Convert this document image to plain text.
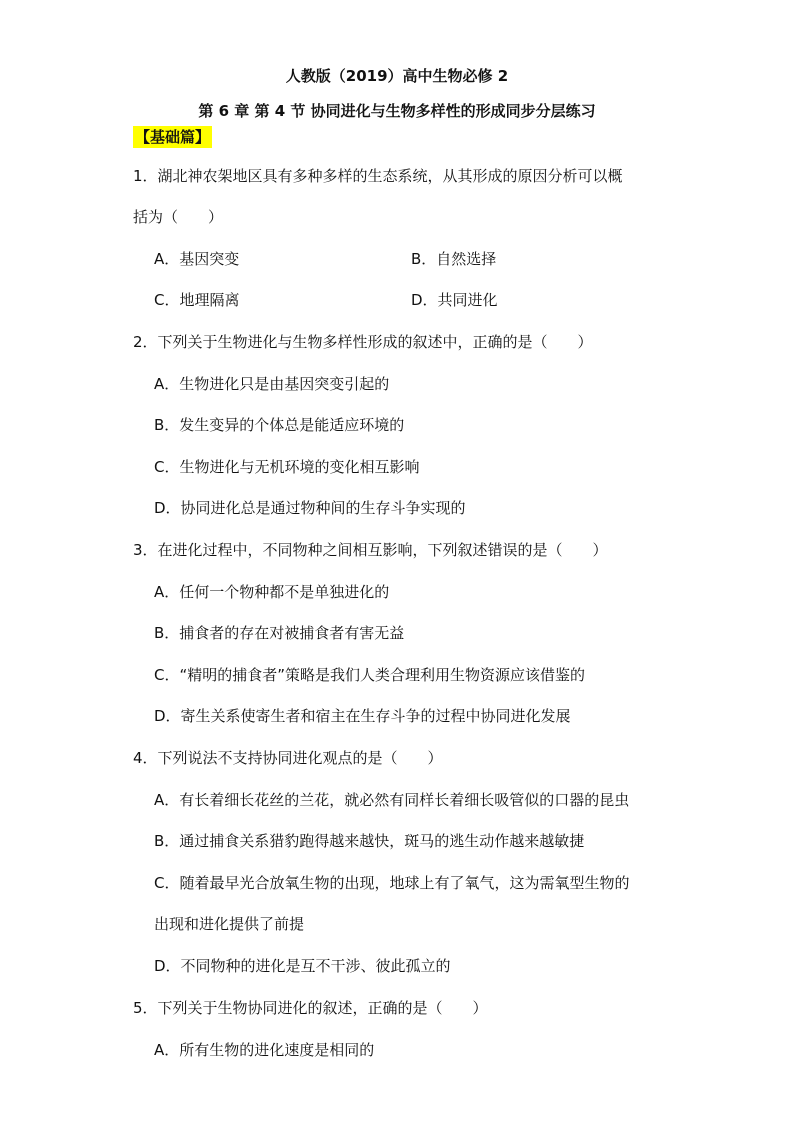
人教版（2019）高中生物必修 2
第 6 章 第 4 节 协同进化与生物多样性的形成同步分层练习
【基础篇】
1．湖北神农架地区具有多种多样的生态系统，从其形成的原因分析可以概
括为（　　）
A．基因突变	B．自然选择
C．地理隔离	D．共同进化
2．下列关于生物进化与生物多样性形成的叙述中，正确的是（　　）
A．生物进化只是由基因突变引起的
B．发生变异的个体总是能适应环境的
C．生物进化与无机环境的变化相互影响
D．协同进化总是通过物种间的生存斗争实现的
3．在进化过程中，不同物种之间相互影响，下列叙述错误的是（　　）
A．任何一个物种都不是单独进化的
B．捕食者的存在对被捕食者有害无益
C．“精明的捕食者”策略是我们人类合理利用生物资源应该借鉴的
D．寄生关系使寄生者和宿主在生存斗争的过程中协同进化发展
4．下列说法不支持协同进化观点的是（　　）
A．有长着细长花丝的兰花，就必然有同样长着细长吸管似的口器的昆虫
B．通过捕食关系猎豹跑得越来越快，斑马的逃生动作越来越敏捷
C．随着最早光合放氧生物的出现，地球上有了氧气，这为需氧型生物的
出现和进化提供了前提
D．不同物种的进化是互不干涉、彼此孤立的
5．下列关于生物协同进化的叙述，正确的是（　　）
A．所有生物的进化速度是相同的
